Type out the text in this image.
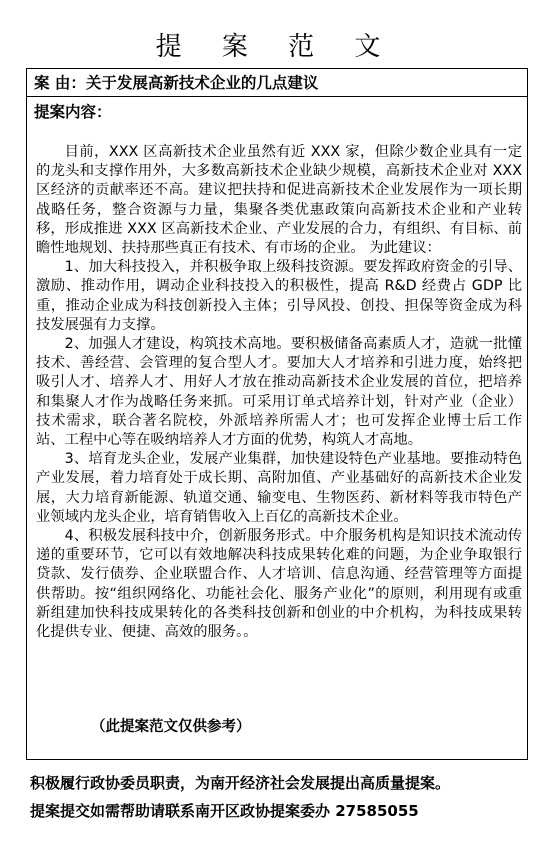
提 案 范 文
案 由：关于发展高新技术企业的几点建议
提案内容：

目前，XXX 区高新技术企业虽然有近 XXX 家，但除少数企业具有一定的龙头和支撑作用外，大多数高新技术企业缺少规模，高新技术企业对 XXX 区经济的贡献率还不高。建议把扶持和促进高新技术企业发展作为一项长期战略任务，整合资源与力量，集聚各类优惠政策向高新技术企业和产业转移，形成推进 XXX 区高新技术企业、产业发展的合力，有组织、有目标、前瞻性地规划、扶持那些真正有技术、有市场的企业。 为此建议：

1、加大科技投入，并积极争取上级科技资源。要发挥政府资金的引导、激励、推动作用，调动企业科技投入的积极性，提高 R&D 经费占 GDP 比重，推动企业成为科技创新投入主体；引导风投、创投、担保等资金成为科技发展强有力支撑。

2、加强人才建设，构筑技术高地。要积极储备高素质人才，造就一批懂技术、善经营、会管理的复合型人才。要加大人才培养和引进力度，始终把吸引人才、培养人才、用好人才放在推动高新技术企业发展的首位，把培养和集聚人才作为战略任务来抓。可采用订单式培养计划，针对产业（企业）技术需求，联合著名院校，外派培养所需人才；也可发挥企业博士后工作站、工程中心等在吸纳培养人才方面的优势，构筑人才高地。

3、培育龙头企业，发展产业集群，加快建设特色产业基地。要推动特色产业发展，着力培育处于成长期、高附加值、产业基础好的高新技术企业发展，大力培育新能源、轨道交通、输变电、生物医药、新材料等我市特色产业领域内龙头企业，培育销售收入上百亿的高新技术企业。

4、积极发展科技中介，创新服务形式。中介服务机构是知识技术流动传递的重要环节，它可以有效地解决科技成果转化难的问题，为企业争取银行贷款、发行债券、企业联盟合作、人才培训、信息沟通、经营管理等方面提供帮助。按“组织网络化、功能社会化、服务产业化”的原则，利用现有或重新组建加快科技成果转化的各类科技创新和创业的中介机构，为科技成果转化提供专业、便捷、高效的服务。。

（此提案范文仅供参考）
积极履行政协委员职责，为南开经济社会发展提出高质量提案。
提案提交如需帮助请联系南开区政协提案委办 27585055
